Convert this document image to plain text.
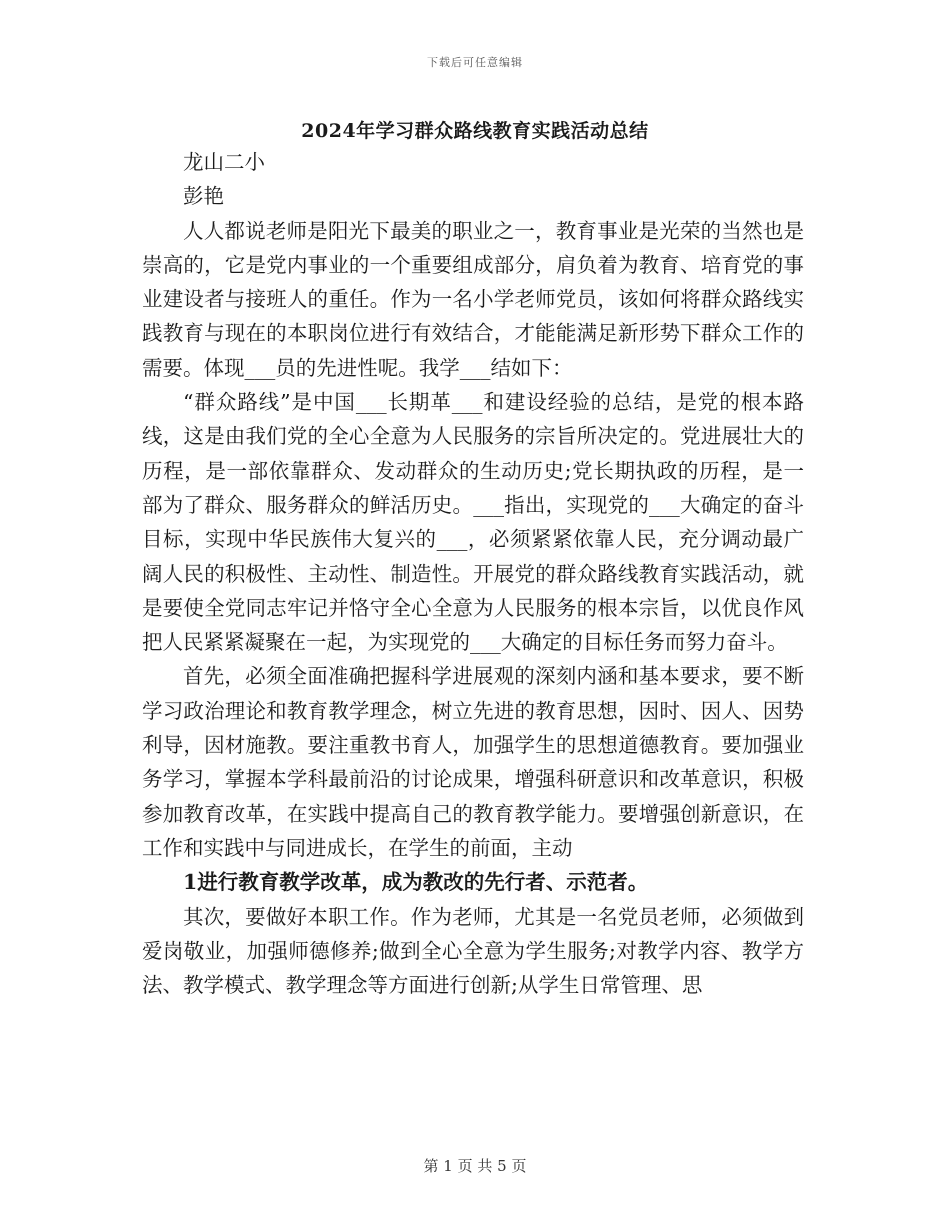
下载后可任意编辑
2024年学习群众路线教育实践活动总结

龙山二小

彭艳

人人都说老师是阳光下最美的职业之一，教育事业是光荣的当然也是崇高的，它是党内事业的一个重要组成部分，肩负着为教育、培育党的事业建设者与接班人的重任。作为一名小学老师党员，该如何将群众路线实践教育与现在的本职岗位进行有效结合，才能能满足新形势下群众工作的需要。体现___员的先进性呢。我学___结如下：

“群众路线”是中国___长期革___和建设经验的总结，是党的根本路线，这是由我们党的全心全意为人民服务的宗旨所决定的。党进展壮大的历程，是一部依靠群众、发动群众的生动历史;党长期执政的历程，是一部为了群众、服务群众的鲜活历史。___指出，实现党的___大确定的奋斗目标，实现中华民族伟大复兴的___，必须紧紧依靠人民，充分调动最广阔人民的积极性、主动性、制造性。开展党的群众路线教育实践活动，就是要使全党同志牢记并恪守全心全意为人民服务的根本宗旨，以优良作风把人民紧紧凝聚在一起，为实现党的___大确定的目标任务而努力奋斗。

首先，必须全面准确把握科学进展观的深刻内涵和基本要求，要不断学习政治理论和教育教学理念，树立先进的教育思想，因时、因人、因势利导，因材施教。要注重教书育人，加强学生的思想道德教育。要加强业务学习，掌握本学科最前沿的讨论成果，增强科研意识和改革意识，积极参加教育改革，在实践中提高自己的教育教学能力。要增强创新意识，在工作和实践中与同进成长，在学生的前面，主动

1进行教育教学改革，成为教改的先行者、示范者。

其次，要做好本职工作。作为老师，尤其是一名党员老师，必须做到爱岗敬业，加强师德修养;做到全心全意为学生服务;对教学内容、教学方法、教学模式、教学理念等方面进行创新;从学生日常管理、思

第 1 页 共 5 页
